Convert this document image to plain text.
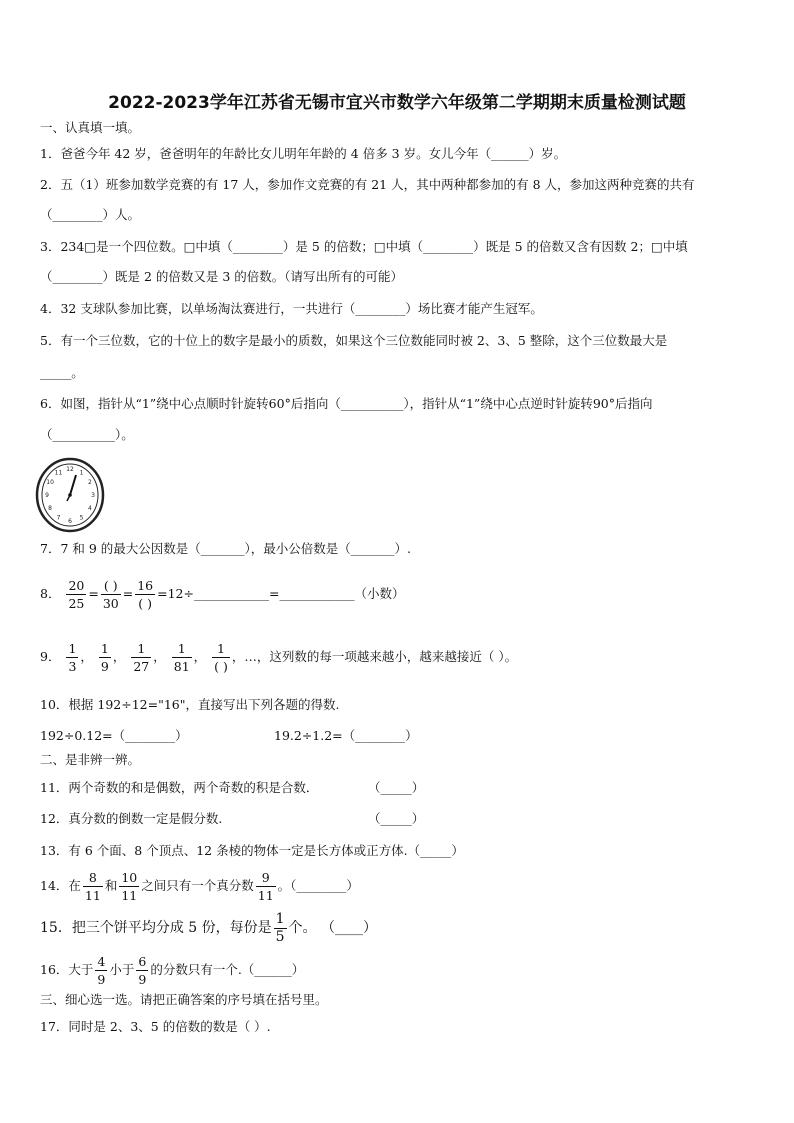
2022-2023学年江苏省无锡市宜兴市数学六年级第二学期期末质量检测试题
一、认真填一填。
1．爸爸今年 42 岁，爸爸明年的年龄比女儿明年年龄的 4 倍多 3 岁。女儿今年（______）岁。
2．五（1）班参加数学竞赛的有 17 人，参加作文竞赛的有 21 人，其中两种都参加的有 8 人，参加这两种竞赛的共有
（________）人。
3．234□是一个四位数。□中填（________）是 5 的倍数；□中填（________）既是 5 的倍数又含有因数 2；□中填
（________）既是 2 的倍数又是 3 的倍数。（请写出所有的可能）
4．32 支球队参加比赛，以单场淘汰赛进行，一共进行（________）场比赛才能产生冠军。
5．有一个三位数，它的十位上的数字是最小的质数，如果这个三位数能同时被 2、3、5 整除，这个三位数最大是
_____。
6．如图，指针从“1”绕中心点顺时针旋转60°后指向（__________），指针从“1”绕中心点逆时针旋转90°后指向
（__________）。
12 1
2
3
4
5
6
7
8
9
10
11
7．7 和 9 的最大公因数是（_______），最小公倍数是（_______）.
8． $\frac{20}{25} = \frac{( )}{30} = \frac{16}{( )}$ =12÷____________=____________（小数）
9． $\frac{1}{3}$ ， $\frac{1}{9}$ ， $\frac{1}{27}$ ， $\frac{1}{81}$ ， $\frac{1}{( )}$ ，…，这列数的每一项越来越小，越来越接近（ ）。
10．根据 192÷12="16"，直接写出下列各题的得数.
192÷0.12=（________）	19.2÷1.2=（________）
二、是非辨一辨。
11．两个奇数的和是偶数，两个奇数的积是合数．	（_____）
12．真分数的倒数一定是假分数.	（_____）
13．有 6 个面、8 个顶点、12 条棱的物体一定是长方体或正方体.（_____）
14．在 $\frac{8}{11}$ 和 $\frac{10}{11}$ 之间只有一个真分数 $\frac{9}{11}$ 。（________）
15．把三个饼平均分成 5 份，每份是 $\frac{1}{5}$ 个。 （____）
16．大于 $\frac{4}{9}$ 小于 $\frac{6}{9}$ 的分数只有一个.（______）
三、细心选一选。请把正确答案的序号填在括号里。
17．同时是 2、3、5 的倍数的数是（ ）.
